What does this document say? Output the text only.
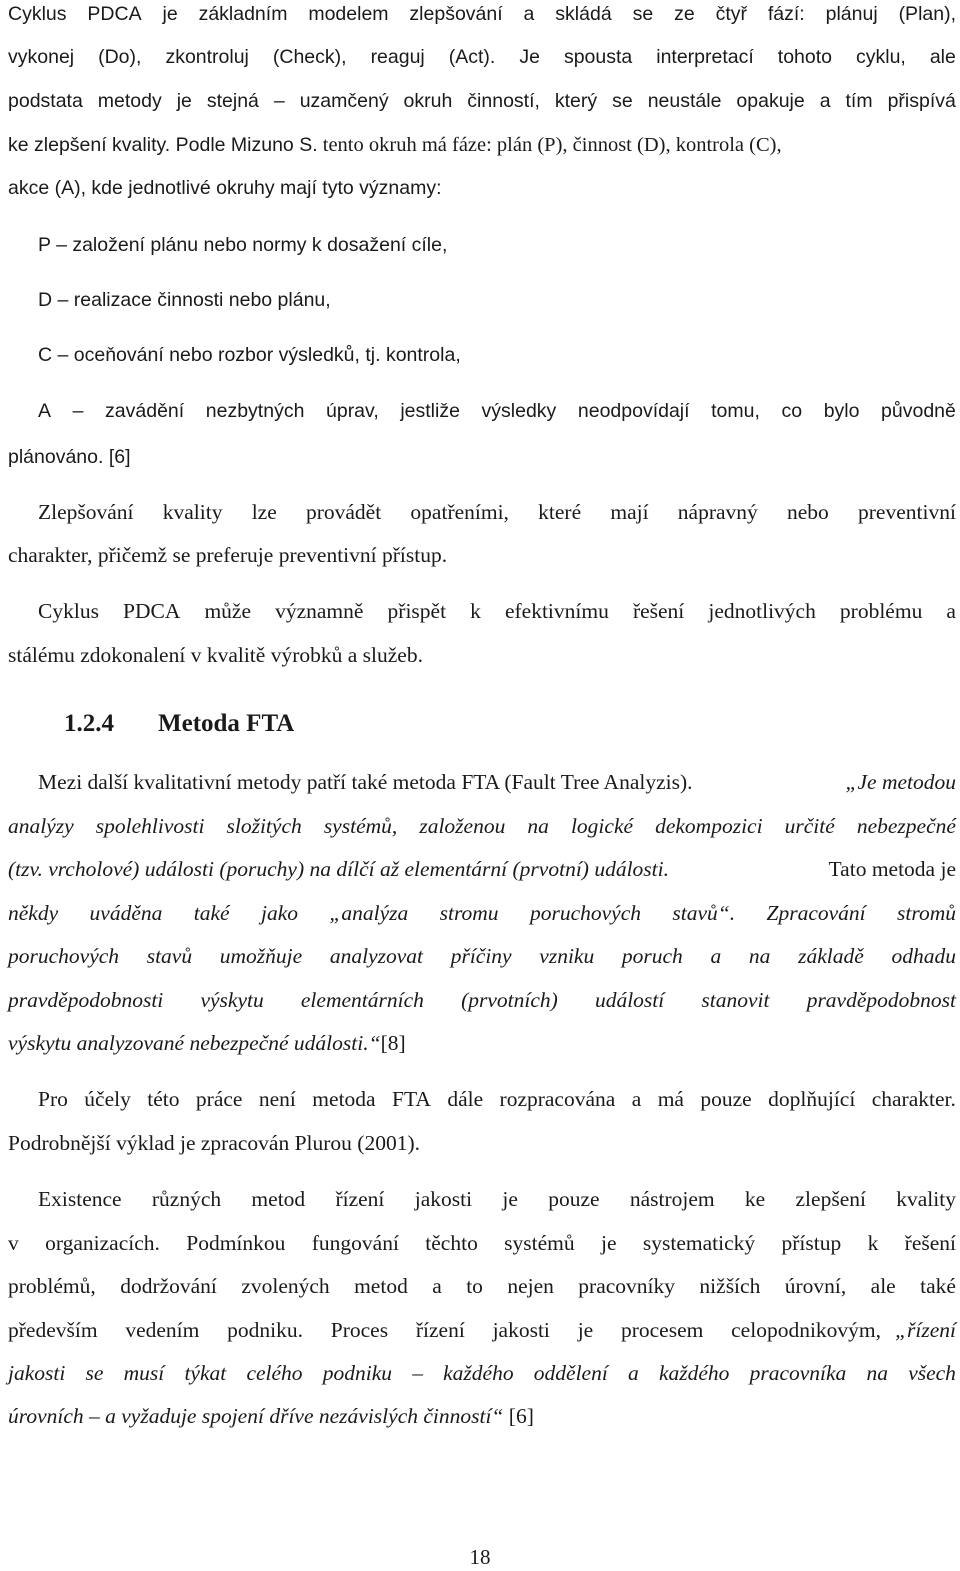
Cyklus PDCA je základním modelem zlepšování a skládá se ze čtyř fází: plánuj (Plan),
vykonej (Do), zkontroluj (Check), reaguj (Act). Je spousta interpretací tohoto cyklu, ale
podstata metody je stejná – uzamčený okruh činností, který se neustále opakuje a tím přispívá
ke zlepšení kvality. Podle Mizuno S. tento okruh má fáze: plán (P), činnost (D), kontrola (C),
akce (A), kde jednotlivé okruhy mají tyto významy:
P – založení plánu nebo normy k dosažení cíle,
D – realizace činnosti nebo plánu,
C – oceňování nebo rozbor výsledků, tj. kontrola,
A – zavádění nezbytných úprav, jestliže výsledky neodpovídají tomu, co bylo původně
plánováno. [6]
Zlepšování kvality lze provádět opatřeními, které mají nápravný nebo preventivní
charakter, přičemž se preferuje preventivní přístup.
Cyklus PDCA může významně přispět k efektivnímu řešení jednotlivých problému a
stálému zdokonalení v kvalitě výrobků a služeb.
1.2.4 Metoda FTA
Mezi další kvalitativní metody patří také metoda FTA (Fault Tree Analyzis).	„Je metodou
analýzy spolehlivosti složitých systémů, založenou na logické dekompozici určité nebezpečné
(tzv. vrcholové) události (poruchy) na dílčí až elementární (prvotní) události.	Tato metoda je
někdy uváděna také jako „analýza stromu poruchových stavů“. Zpracování stromů
poruchových stavů umožňuje analyzovat příčiny vzniku poruch a na základě odhadu
pravděpodobnosti výskytu elementárních (prvotních) událostí stanovit pravděpodobnost
výskytu analyzované nebezpečné události.“[8]
Pro účely této práce není metoda FTA dále rozpracována a má pouze doplňující charakter.
Podrobnější výklad je zpracován Plurou (2001).
Existence různých metod řízení jakosti je pouze nástrojem ke zlepšení kvality
v organizacích. Podmínkou fungování těchto systémů je systematický přístup k řešení
problémů, dodržování zvolených metod a to nejen pracovníky nižších úrovní, ale také
především vedením podniku. Proces řízení jakosti je procesem celopodnikovým, „řízení
jakosti se musí týkat celého podniku – každého oddělení a každého pracovníka na všech
úrovních – a vyžaduje spojení dříve nezávislých činností“ [6]
18
